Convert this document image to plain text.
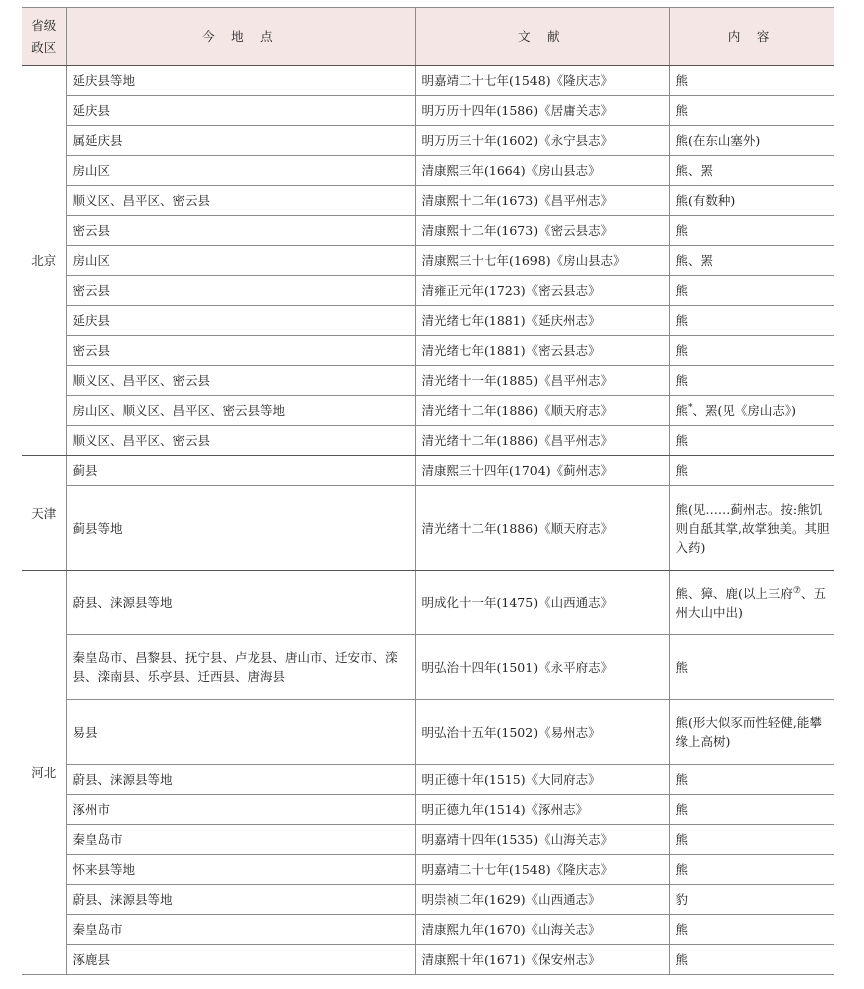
省级
政区	今 地 点	文 献	内 容
北京	延庆县等地	明嘉靖二十七年(1548)《隆庆志》	熊
	延庆县	明万历十四年(1586)《居庸关志》	熊
	属延庆县	明万历三十年(1602)《永宁县志》	熊(在东山塞外)
	房山区	清康熙三年(1664)《房山县志》	熊、罴
	顺义区、昌平区、密云县	清康熙十二年(1673)《昌平州志》	熊(有数种)
	密云县	清康熙十二年(1673)《密云县志》	熊
	房山区	清康熙三十七年(1698)《房山县志》	熊、罴
	密云县	清雍正元年(1723)《密云县志》	熊
	延庆县	清光绪七年(1881)《延庆州志》	熊
	密云县	清光绪七年(1881)《密云县志》	熊
	顺义区、昌平区、密云县	清光绪十一年(1885)《昌平州志》	熊
	房山区、顺义区、昌平区、密云县等地	清光绪十二年(1886)《顺天府志》	熊*、罴(见《房山志》)
	顺义区、昌平区、密云县	清光绪十二年(1886)《昌平州志》	熊
天津	蓟县	清康熙三十四年(1704)《蓟州志》	熊
	蓟县等地	清光绪十二年(1886)《顺天府志》	熊(见……蓟州志。按:熊饥则自舐其掌,故掌独美。其胆入药)
河北	蔚县、涞源县等地	明成化十一年(1475)《山西通志》	熊、獐、鹿(以上三府⑦、五州大山中出)
	秦皇岛市、昌黎县、抚宁县、卢龙县、唐山市、迁安市、滦县、滦南县、乐亭县、迁西县、唐海县	明弘治十四年(1501)《永平府志》	熊
	易县	明弘治十五年(1502)《易州志》	熊(形大似豕而性轻健,能攀缘上高树)
	蔚县、涞源县等地	明正德十年(1515)《大同府志》	熊
	涿州市	明正德九年(1514)《涿州志》	熊
	秦皇岛市	明嘉靖十四年(1535)《山海关志》	熊
	怀来县等地	明嘉靖二十七年(1548)《隆庆志》	熊
	蔚县、涞源县等地	明崇祯二年(1629)《山西通志》	豹
	秦皇岛市	清康熙九年(1670)《山海关志》	熊
	涿鹿县	清康熙十年(1671)《保安州志》	熊
